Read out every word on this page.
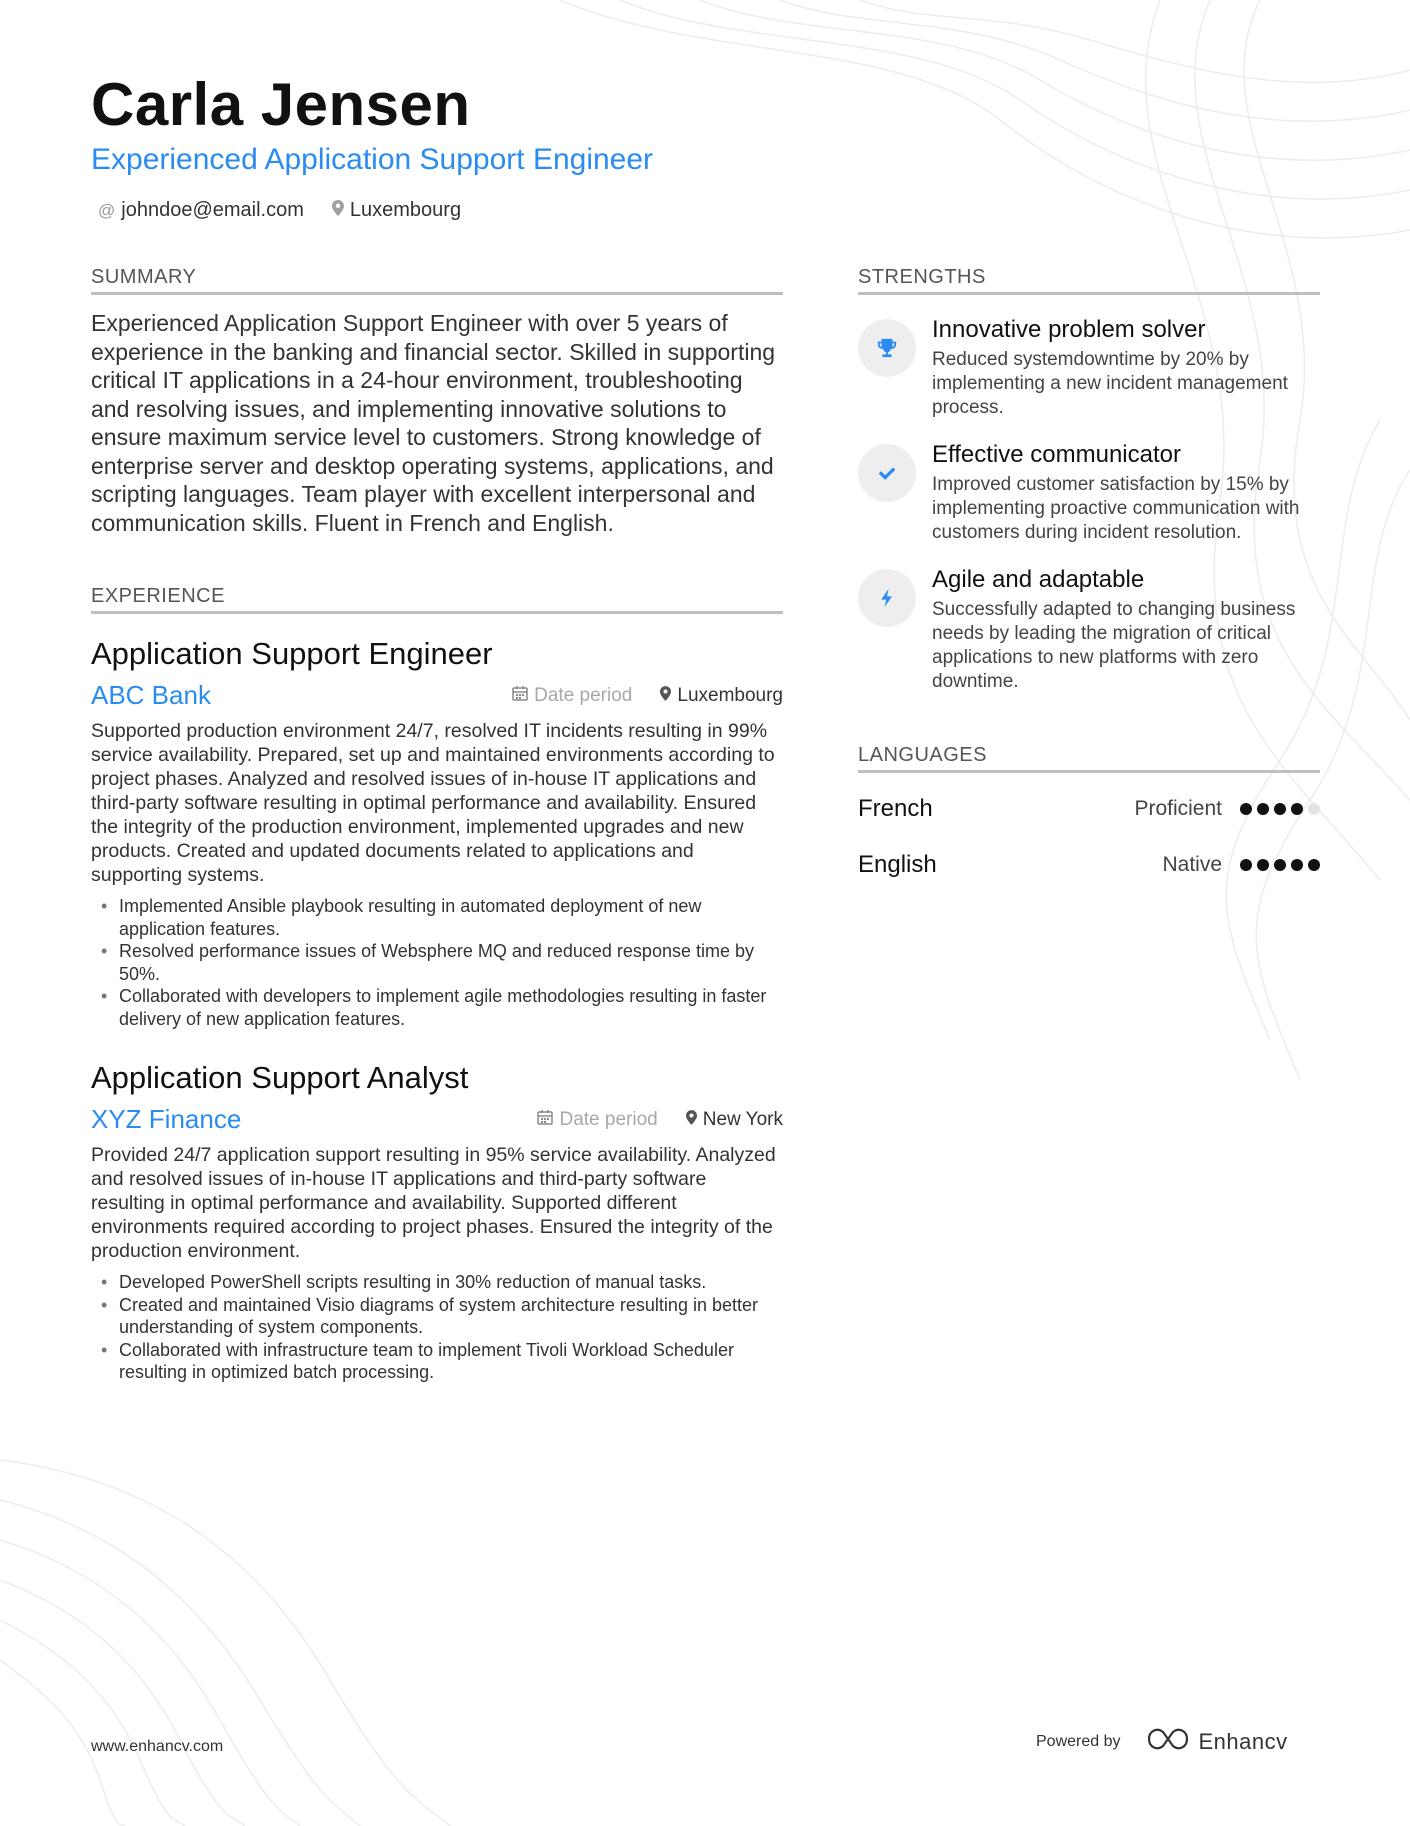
Carla Jensen
Experienced Application Support Engineer
@ johndoe@email.com Luxembourg
SUMMARY
Experienced Application Support Engineer with over 5 years of experience in the banking and financial sector. Skilled in supporting critical IT applications in a 24-hour environment, troubleshooting and resolving issues, and implementing innovative solutions to ensure maximum service level to customers. Strong knowledge of enterprise server and desktop operating systems, applications, and scripting languages. Team player with excellent interpersonal and communication skills. Fluent in French and English.
EXPERIENCE
Application Support Engineer
ABC Bank	Date period Luxembourg
Supported production environment 24/7, resolved IT incidents resulting in 99% service availability. Prepared, set up and maintained environments according to project phases. Analyzed and resolved issues of in-house IT applications and third-party software resulting in optimal performance and availability. Ensured the integrity of the production environment, implemented upgrades and new products. Created and updated documents related to applications and supporting systems.
• Implemented Ansible playbook resulting in automated deployment of new application features.
• Resolved performance issues of Websphere MQ and reduced response time by 50%.
• Collaborated with developers to implement agile methodologies resulting in faster delivery of new application features.
Application Support Analyst
XYZ Finance	Date period New York
Provided 24/7 application support resulting in 95% service availability. Analyzed and resolved issues of in-house IT applications and third-party software resulting in optimal performance and availability. Supported different environments required according to project phases. Ensured the integrity of the production environment.
• Developed PowerShell scripts resulting in 30% reduction of manual tasks.
• Created and maintained Visio diagrams of system architecture resulting in better understanding of system components.
• Collaborated with infrastructure team to implement Tivoli Workload Scheduler resulting in optimized batch processing.
STRENGTHS
Innovative problem solver
Reduced systemdowntime by 20% by implementing a new incident management process.
Effective communicator
Improved customer satisfaction by 15% by implementing proactive communication with customers during incident resolution.
Agile and adaptable
Successfully adapted to changing business needs by leading the migration of critical applications to new platforms with zero downtime.
LANGUAGES
French	Proficient
English	Native
www.enhancv.com	Powered by	Enhancv
